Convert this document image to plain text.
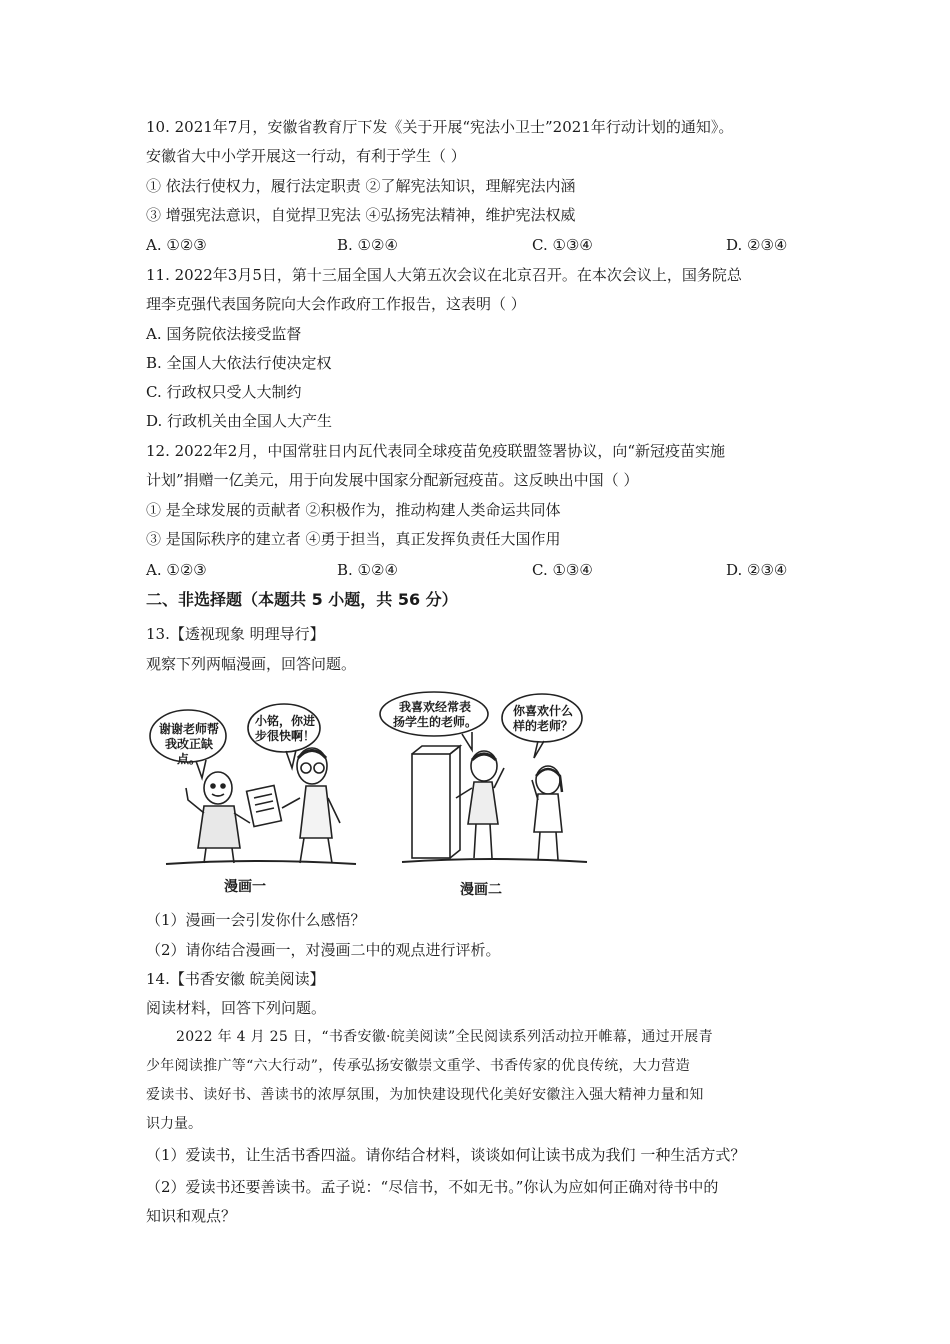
10. 2021年7月，安徽省教育厅下发《关于开展“宪法小卫士”2021年行动计划的通知》。
安徽省大中小学开展这一行动，有利于学生（ ）
① 依法行使权力，履行法定职责 ②了解宪法知识，理解宪法内涵
③ 增强宪法意识，自觉捍卫宪法 ④弘扬宪法精神，维护宪法权威
A. ①②③	B. ①②④	C. ①③④	D. ②③④
11. 2022年3月5日，第十三届全国人大第五次会议在北京召开。在本次会议上，国务院总
理李克强代表国务院向大会作政府工作报告，这表明（ ）
A. 国务院依法接受监督
B. 全国人大依法行使决定权
C. 行政权只受人大制约
D. 行政机关由全国人大产生
12. 2022年2月，中国常驻日内瓦代表同全球疫苗免疫联盟签署协议，向“新冠疫苗实施
计划”捐赠一亿美元，用于向发展中国家分配新冠疫苗。这反映出中国（ ）
① 是全球发展的贡献者 ②积极作为，推动构建人类命运共同体
③ 是国际秩序的建立者 ④勇于担当，真正发挥负责任大国作用
A. ①②③	B. ①②④	C. ①③④	D. ②③④
二、非选择题（本题共 5 小题，共 56 分）
13.【透视现象 明理导行】
观察下列两幅漫画，回答问题。
谢谢老师帮
我改正缺点。
小铭，你进
步很快啊！
漫画一
我喜欢经常表
扬学生的老师。
你喜欢什么
样的老师？
漫画二
（1）漫画一会引发你什么感悟？
（2）请你结合漫画一，对漫画二中的观点进行评析。
14.【书香安徽 皖美阅读】
阅读材料，回答下列问题。
2022 年 4 月 25 日，“书香安徽·皖美阅读”全民阅读系列活动拉开帷幕，通过开展青
少年阅读推广等“六大行动”，传承弘扬安徽崇文重学、书香传家的优良传统，大力营造
爱读书、读好书、善读书的浓厚氛围，为加快建设现代化美好安徽注入强大精神力量和知
识力量。
（1）爱读书，让生活书香四溢。请你结合材料，谈谈如何让读书成为我们 一种生活方式？
（2）爱读书还要善读书。孟子说：“尽信书，不如无书。”你认为应如何正确对待书中的
知识和观点？
